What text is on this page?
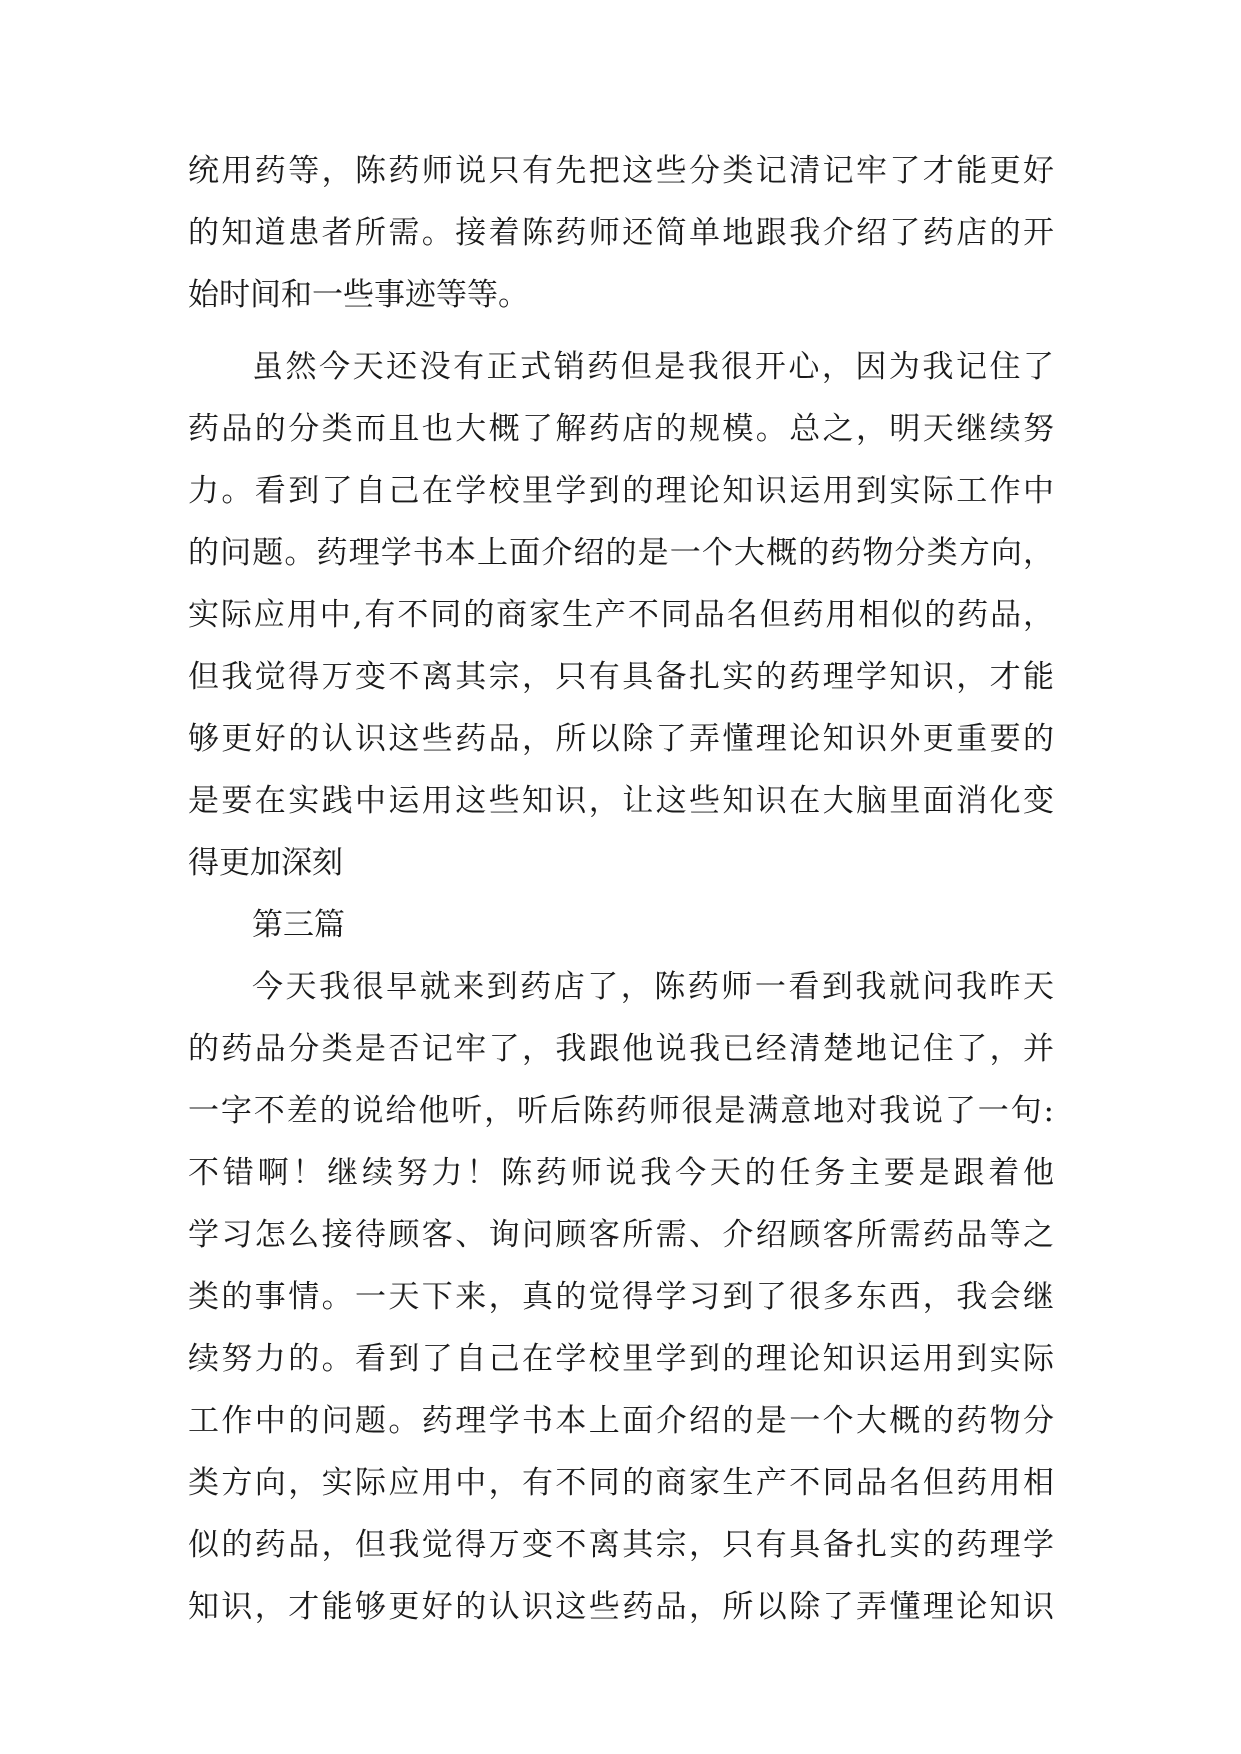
统用药等，陈药师说只有先把这些分类记清记牢了才能更好
的知道患者所需。接着陈药师还简单地跟我介绍了药店的开
始时间和一些事迹等等。
虽然今天还没有正式销药但是我很开心，因为我记住了
药品的分类而且也大概了解药店的规模。总之，明天继续努
力。看到了自己在学校里学到的理论知识运用到实际工作中
的问题。药理学书本上面介绍的是一个大概的药物分类方向，
实际应用中,有不同的商家生产不同品名但药用相似的药品，
但我觉得万变不离其宗，只有具备扎实的药理学知识，才能
够更好的认识这些药品，所以除了弄懂理论知识外更重要的
是要在实践中运用这些知识，让这些知识在大脑里面消化变
得更加深刻
第三篇
今天我很早就来到药店了，陈药师一看到我就问我昨天
的药品分类是否记牢了，我跟他说我已经清楚地记住了，并
一字不差的说给他听，听后陈药师很是满意地对我说了一句:
不错啊！继续努力！陈药师说我今天的任务主要是跟着他
学习怎么接待顾客、询问顾客所需、介绍顾客所需药品等之
类的事情。一天下来，真的觉得学习到了很多东西，我会继
续努力的。看到了自己在学校里学到的理论知识运用到实际
工作中的问题。药理学书本上面介绍的是一个大概的药物分
类方向，实际应用中，有不同的商家生产不同品名但药用相
似的药品，但我觉得万变不离其宗，只有具备扎实的药理学
知识，才能够更好的认识这些药品，所以除了弄懂理论知识
